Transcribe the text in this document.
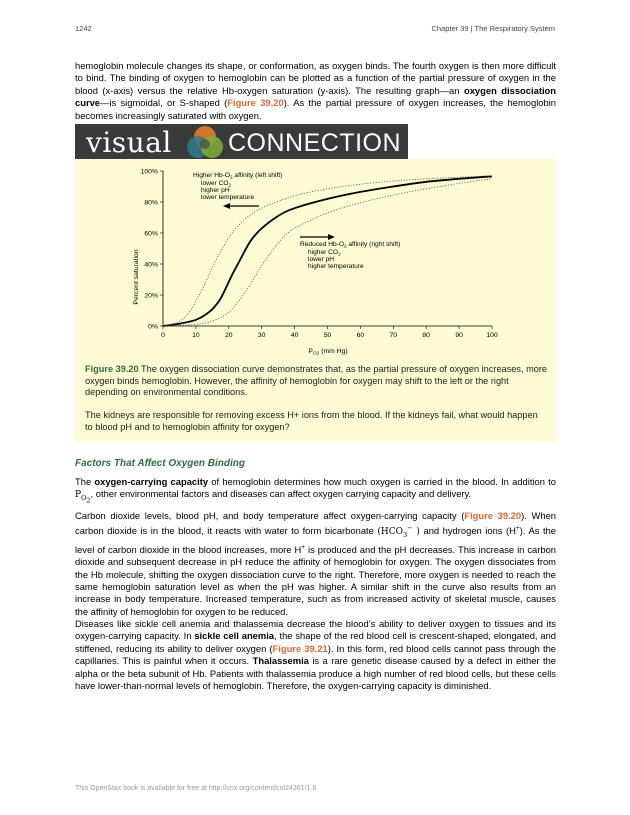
1242	Chapter 39 | The Respiratory System
hemoglobin molecule changes its shape, or conformation, as oxygen binds. The fourth oxygen is then more difficult to bind. The binding of oxygen to hemoglobin can be plotted as a function of the partial pressure of oxygen in the blood (x-axis) versus the relative Hb-oxygen saturation (y-axis). The resulting graph—an oxygen dissociation curve—is sigmoidal, or S-shaped (Figure 39.20). As the partial pressure of oxygen increases, the hemoglobin becomes increasingly saturated with oxygen.
visual CONNECTION
0	10	20	30	40	50	60	70	80	90	100
0%
20%
40%
60%
80%
100%
Higher $Hb-O_2$ affinity (left shift)
lower $CO_2$
higher pH
lower temperature
Reduced $Hb-O_2$ affinity (right shift)
higher $CO_2$
lower pH
higher temperature
Percent saturation
$P_{O2}$ (mm Hg)
Figure 39.20 The oxygen dissociation curve demonstrates that, as the partial pressure of oxygen increases, more oxygen binds hemoglobin. However, the affinity of hemoglobin for oxygen may shift to the left or the right depending on environmental conditions.
The kidneys are responsible for removing excess H+ ions from the blood. If the kidneys fail, what would happen to blood pH and to hemoglobin affinity for oxygen?
Factors That Affect Oxygen Binding
The oxygen-carrying capacity of hemoglobin determines how much oxygen is carried in the blood. In addition to $P_{O_2}$, other environmental factors and diseases can affect oxygen carrying capacity and delivery.
Carbon dioxide levels, blood pH, and body temperature affect oxygen-carrying capacity (Figure 39.20). When carbon dioxide is in the blood, it reacts with water to form bicarbonate ($HCO_3^-$ ) and hydrogen ions (H+). As the level of carbon dioxide in the blood increases, more H+ is produced and the pH decreases. This increase in carbon dioxide and subsequent decrease in pH reduce the affinity of hemoglobin for oxygen. The oxygen dissociates from the Hb molecule, shifting the oxygen dissociation curve to the right. Therefore, more oxygen is needed to reach the same hemoglobin saturation level as when the pH was higher. A similar shift in the curve also results from an increase in body temperature. Increased temperature, such as from increased activity of skeletal muscle, causes the affinity of hemoglobin for oxygen to be reduced.
Diseases like sickle cell anemia and thalassemia decrease the blood’s ability to deliver oxygen to tissues and its oxygen-carrying capacity. In sickle cell anemia, the shape of the red blood cell is crescent-shaped, elongated, and stiffened, reducing its ability to deliver oxygen (Figure 39.21). In this form, red blood cells cannot pass through the capillaries. This is painful when it occurs. Thalassemia is a rare genetic disease caused by a defect in either the alpha or the beta subunit of Hb. Patients with thalassemia produce a high number of red blood cells, but these cells have lower-than-normal levels of hemoglobin. Therefore, the oxygen-carrying capacity is diminished.
This OpenStax book is available for free at http://cnx.org/content/col24361/1.8
